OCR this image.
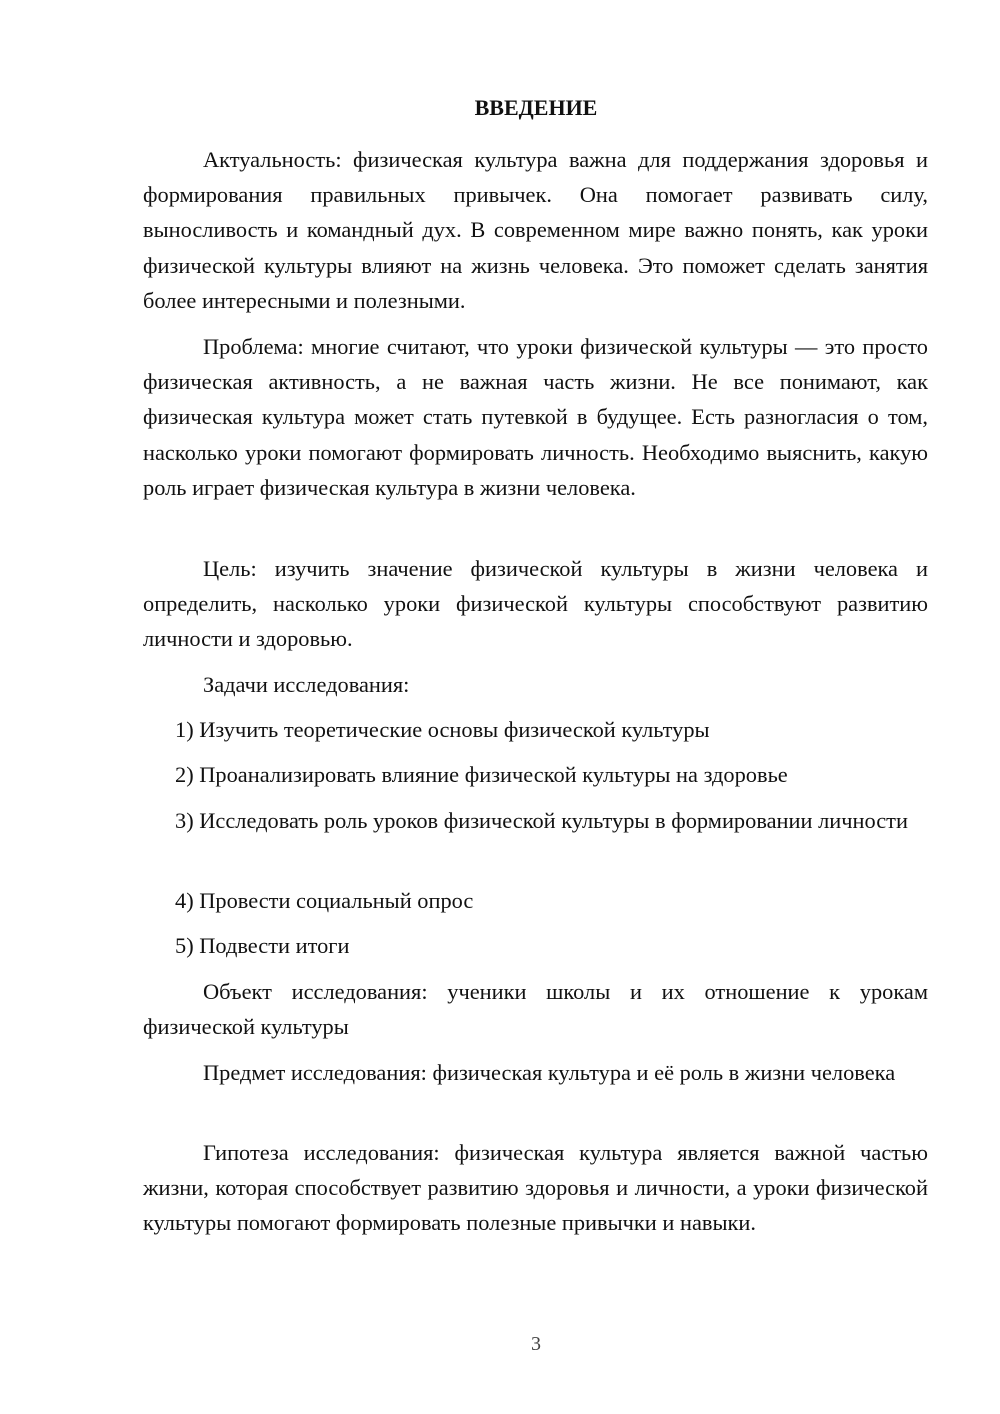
ВВЕДЕНИЕ

Актуальность: физическая культура важна для поддержания здоровья и формирования правильных привычек. Она помогает развивать силу, выносливость и командный дух. В современном мире важно понять, как уроки физической культуры влияют на жизнь человека. Это поможет сделать занятия более интересными и полезными.

Проблема: многие считают, что уроки физической культуры — это просто физическая активность, а не важная часть жизни. Не все понимают, как физическая культура может стать путевкой в будущее. Есть разногласия о том, насколько уроки помогают формировать личность. Необходимо выяснить, какую роль играет физическая культура в жизни человека.

Цель: изучить значение физической культуры в жизни человека и определить, насколько уроки физической культуры способствуют развитию личности и здоровью.

Задачи исследования:

1) Изучить теоретические основы физической культуры

2) Проанализировать влияние физической культуры на здоровье

3) Исследовать роль уроков физической культуры в формировании личности

4) Провести социальный опрос

5) Подвести итоги

Объект исследования: ученики школы и их отношение к урокам физической культуры

Предмет исследования: физическая культура и её роль в жизни человека

Гипотеза исследования: физическая культура является важной частью жизни, которая способствует развитию здоровья и личности, а уроки физической культуры помогают формировать полезные привычки и навыки.

3
